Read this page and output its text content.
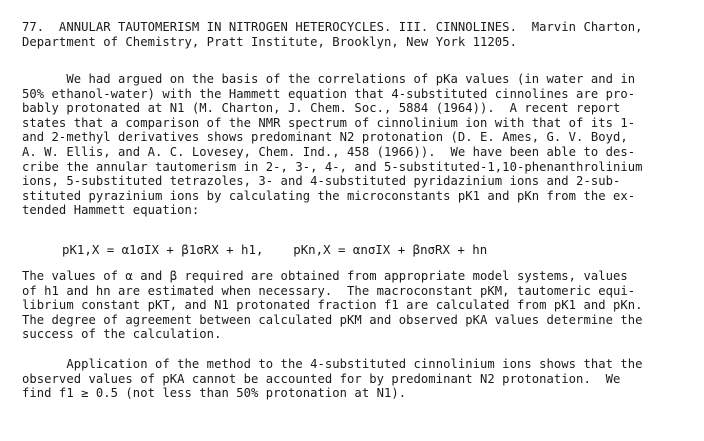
77.  ANNULAR TAUTOMERISM IN NITROGEN HETEROCYCLES. III. CINNOLINES.  Marvin Charton,
Department of Chemistry, Pratt Institute, Brooklyn, New York 11205.
We had argued on the basis of the correlations of pKa values (in water and in
50% ethanol-water) with the Hammett equation that 4-substituted cinnolines are pro-
bably protonated at N1 (M. Charton, J. Chem. Soc., 5884 (1964)).  A recent report
states that a comparison of the NMR spectrum of cinnolinium ion with that of its 1-
and 2-methyl derivatives shows predominant N2 protonation (D. E. Ames, G. V. Boyd,
A. W. Ellis, and A. C. Lovesey, Chem. Ind., 458 (1966)).  We have been able to des-
cribe the annular tautomerism in 2-, 3-, 4-, and 5-substituted-1,10-phenanthrolinium
ions, 5-substituted tetrazoles, 3- and 4-substituted pyridazinium ions and 2-sub-
stituted pyrazinium ions by calculating the microconstants pK1 and pKn from the ex-
tended Hammett equation:
The values of α and β required are obtained from appropriate model systems, values
of h1 and hn are estimated when necessary.  The macroconstant pKM, tautomeric equi-
librium constant pKT, and N1 protonated fraction f1 are calculated from pK1 and pKn.
The degree of agreement between calculated pKM and observed pKA values determine the
success of the calculation.
Application of the method to the 4-substituted cinnolinium ions shows that the
observed values of pKA cannot be accounted for by predominant N2 protonation.  We
find f1 ≥ 0.5 (not less than 50% protonation at N1).
pK1,X = α1σIX + β1σRX + h1,    pKn,X = αnσIX + βnσRX + hn
